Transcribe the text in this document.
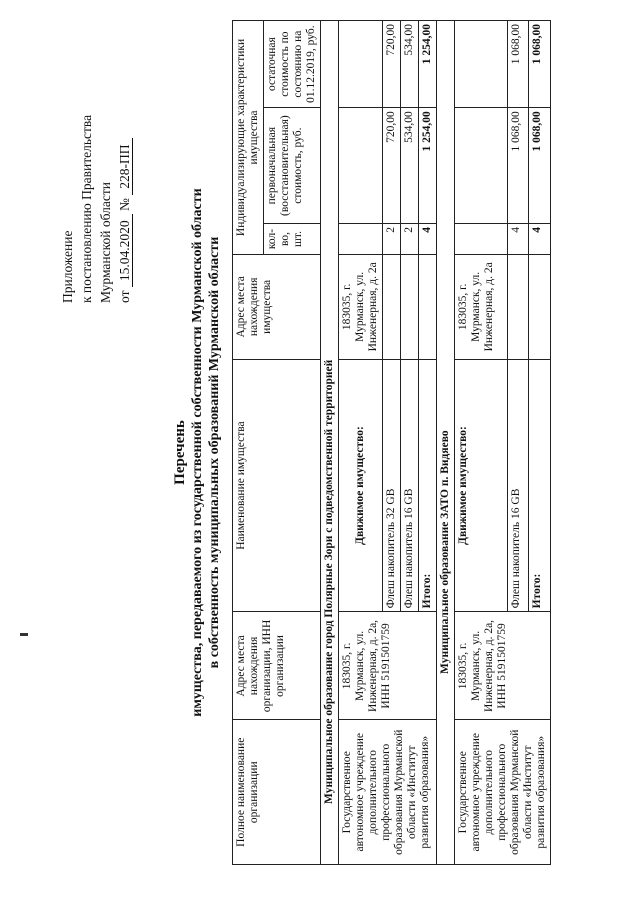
Приложение к постановлению Правительства Мурманской области от 15.04.2020 № 228-ПП
Перечень имущества, передаваемого из государственной собственности Мурманской области в собственность муниципальных образований Мурманской области
Полное наименование организации	Адрес места нахождения организации, ИНН организации	Наименование имущества	Адрес места нахождения имущества	Индивидуализирующие характеристики имущества		
				кол-во, шт.	первоначальная (восстановительная) стоимость, руб.	остаточная стоимость по состоянию на 01.12.2019, руб.
Муниципальное образование город Полярные Зори с подведомственной территорией						
Государственное автономное учреждение дополнительного профессионального образования Мурманской области «Институт развития образования»	183035, г. Мурманск, ул. Инженерная, д. 2а, ИНН 5191501759	Движимое имущество:	183035, г. Мурманск, ул. Инженерная, д. 2а			
		Флеш накопитель 32 GB		2	720,00	720,00
		Флеш накопитель 16 GB		2	534,00	534,00
		Итого:		4	1 254,00	1 254,00
Муниципальное образование ЗАТО п. Видяево						
Государственное автономное учреждение дополнительного профессионального образования Мурманской области «Институт развития образования»	183035, г. Мурманск, ул. Инженерная, д. 2а, ИНН 5191501759	Движимое имущество:	183035, г. Мурманск, ул. Инженерная, д. 2а			
		Флеш накопитель 16 GB		4	1 068,00	1 068,00
		Итого:		4	1 068,00	1 068,00
